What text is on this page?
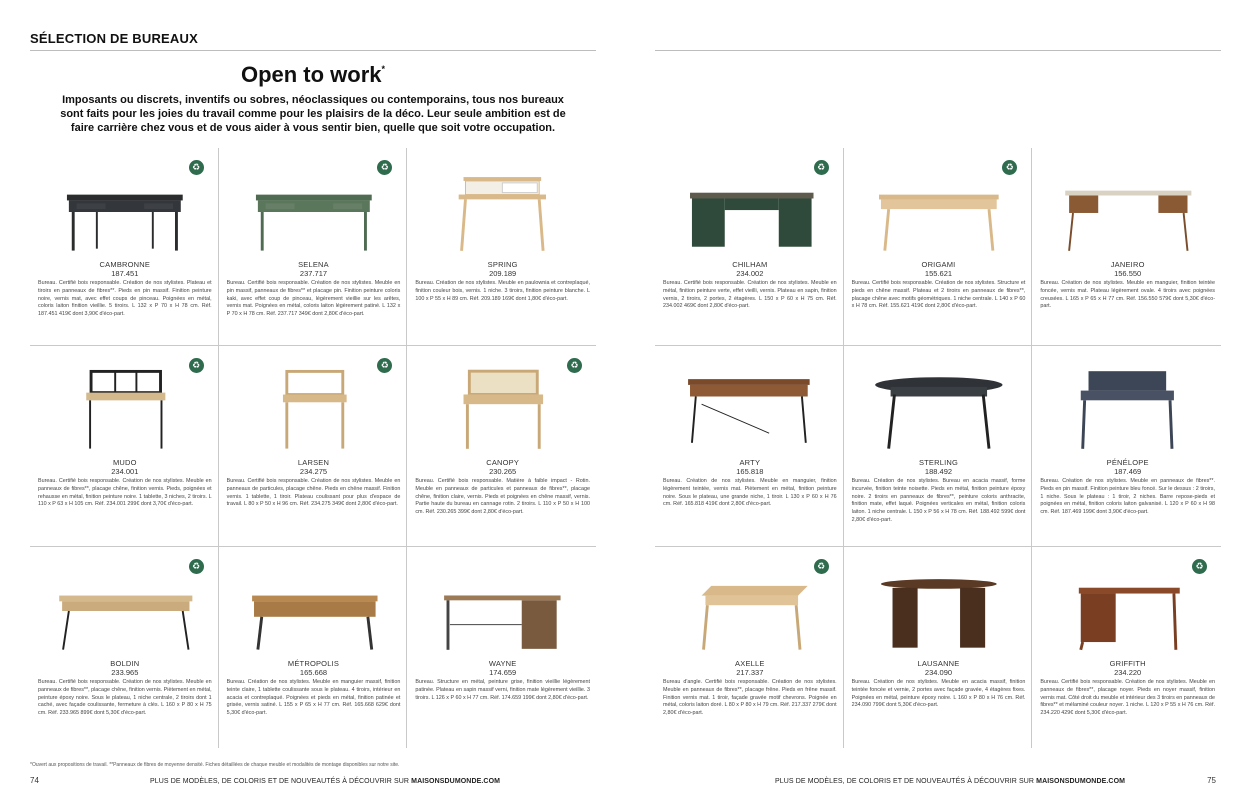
SÉLECTION DE BUREAUX
Open to work*
Imposants ou discrets, inventifs ou sobres, néoclassiques ou contemporains, tous nos bureaux sont faits pour les joies du travail comme pour les plaisirs de la déco. Leur seule ambition est de faire carrière chez vous et de vous aider à vous sentir bien, quelle que soit votre occupation.
♻
CAMBRONNE
187.451
Bureau. Certifié bois responsable. Création de nos stylistes. Plateau et tiroirs en panneaux de fibres**. Pieds en pin massif. Finition peinture noire, vernis mat, avec effet coups de pinceau. Poignées en métal, coloris laiton finition vieillie. 5 tiroirs. L 132 x P 70 x H 78 cm. Réf. 187.451 419€ dont 3,90€ d'éco-part.
♻
SELENA
237.717
Bureau. Certifié bois responsable. Création de nos stylistes. Meuble en pin massif, panneaux de fibres** et placage pin. Finition peinture coloris kaki, avec effet coup de pinceau, légèrement vieillie sur les arêtes, vernis mat. Poignées en métal, coloris laiton légèrement patiné. L 132 x P 70 x H 78 cm. Réf. 237.717 349€ dont 2,80€ d'éco-part.
SPRING
209.189
Bureau. Création de nos stylistes. Meuble en paulownia et contreplaqué, finition couleur bois, vernis. 1 niche. 3 tiroirs, finition peinture blanche. L 100 x P 55 x H 89 cm. Réf. 209.189 169€ dont 1,80€ d'éco-part.
♻
MUDO
234.001
Bureau. Certifié bois responsable. Création de nos stylistes. Meuble en panneaux de fibres**, placage chêne, finition vernis. Pieds, poignées et rehausse en métal, finition peinture noire. 1 tablette, 3 niches, 2 tiroirs. L 110 x P 63 x H 105 cm. Réf. 234.001 299€ dont 3,70€ d'éco-part.
♻
LARSEN
234.275
Bureau. Certifié bois responsable. Création de nos stylistes. Meuble en panneaux de particules, placage chêne. Pieds en chêne massif. Finition vernis. 1 tablette, 1 tiroir. Plateau coulissant pour plus d'espace de travail. L 80 x P 50 x H 96 cm. Réf. 234.275 349€ dont 2,80€ d'éco-part.
♻
CANOPY
230.265
Bureau. Certifié bois responsable. Matière à faible impact - Rotin. Meuble en panneaux de particules et panneaux de fibres**, placage chêne, finition claire, vernis. Pieds et poignées en chêne massif, vernis. Partie haute du bureau en cannage rotin. 2 tiroirs. L 110 x P 50 x H 100 cm. Réf. 230.265 399€ dont 2,80€ d'éco-part.
♻
BOLDIN
233.965
Bureau. Certifié bois responsable. Création de nos stylistes. Meuble en panneaux de fibres**, placage chêne, finition vernis. Piètement en métal, peinture époxy noire. Sous le plateau, 1 niche centrale, 2 tiroirs dont 1 caché, avec façade coulissante, fermeture à clés. L 160 x P 80 x H 75 cm. Réf. 233.965 899€ dont 5,30€ d'éco-part.
MÉTROPOLIS
165.668
Bureau. Création de nos stylistes. Meuble en manguier massif, finition teinte claire, 1 tablette coulissante sous le plateau. 4 tiroirs, intérieur en acacia et contreplaqué. Poignées et pieds en métal, finition patinée et grisée, vernis satiné. L 155 x P 65 x H 77 cm. Réf. 165.668 629€ dont 5,30€ d'éco-part.
WAYNE
174.659
Bureau. Structure en métal, peinture grise, finition vieillie légèrement patinée. Plateau en sapin massif verni, finition mate légèrement vieillie. 3 tiroirs. L 126 x P 60 x H 77 cm. Réf. 174.659 199€ dont 2,80€ d'éco-part.
*Ouvert aux propositions de travail. **Panneaux de fibres de moyenne densité. Fiches détaillées de chaque meuble et modalités de montage disponibles sur notre site.
74	PLUS DE MODÈLES, DE COLORIS ET DE NOUVEAUTÉS À DÉCOUVRIR SUR MAISONSDUMONDE.COM
♻
CHILHAM
234.002
Bureau. Certifié bois responsable. Création de nos stylistes. Meuble en métal, finition peinture verte, effet vieilli, vernis. Plateau en sapin, finition vernis, 2 tiroirs, 2 portes, 2 étagères. L 150 x P 60 x H 75 cm. Réf. 234.002 469€ dont 2,80€ d'éco-part.
♻
ORIGAMI
155.621
Bureau. Certifié bois responsable. Création de nos stylistes. Structure et pieds en chêne massif. Plateau et 2 tiroirs en panneaux de fibres**, placage chêne avec motifs géométriques. 1 niche centrale. L 140 x P 60 x H 78 cm. Réf. 155.621 419€ dont 2,80€ d'éco-part.
JANEIRO
156.550
Bureau. Création de nos stylistes. Meuble en manguier, finition teintée foncée, vernis mat. Plateau légèrement ovale. 4 tiroirs avec poignées creusées. L 165 x P 65 x H 77 cm. Réf. 156.550 579€ dont 5,30€ d'éco-part.
ARTY
165.818
Bureau. Création de nos stylistes. Meuble en manguier, finition légèrement teintée, vernis mat. Piètement en métal, finition peinture noire. Sous le plateau, une grande niche, 1 tiroir. L 130 x P 60 x H 76 cm. Réf. 165.818 419€ dont 2,80€ d'éco-part.
STERLING
188.492
Bureau. Création de nos stylistes. Bureau en acacia massif, forme incurvée, finition teinte noisette. Pieds en métal, finition peinture époxy noire. 2 tiroirs en panneaux de fibres**, peinture coloris anthracite, finition mate, effet laqué. Poignées verticales en métal, finition coloris laiton. 1 niche centrale. L 150 x P 56 x H 78 cm. Réf. 188.492 599€ dont 2,80€ d'éco-part.
PÉNÉLOPE
187.469
Bureau. Création de nos stylistes. Meuble en panneaux de fibres**. Pieds en pin massif. Finition peinture bleu foncé. Sur le dessus : 2 tiroirs, 1 niche. Sous le plateau : 1 tiroir, 2 niches. Barre repose-pieds et poignées en métal, finition coloris laiton galvanisé. L 120 x P 60 x H 98 cm. Réf. 187.469 199€ dont 3,90€ d'éco-part.
♻
AXELLE
217.337
Bureau d'angle. Certifié bois responsable. Création de nos stylistes. Meuble en panneaux de fibres**, placage frêne. Pieds en frêne massif. Finition vernis mat. 1 tiroir, façade gravée motif chevrons. Poignée en métal, coloris laiton doré. L 80 x P 80 x H 79 cm. Réf. 217.337 279€ dont 2,80€ d'éco-part.
LAUSANNE
234.090
Bureau. Création de nos stylistes. Meuble en acacia massif, finition teintée foncée et vernie, 2 portes avec façade gravée, 4 étagères fixes. Poignées en métal, peinture époxy noire. L 160 x P 80 x H 76 cm. Réf. 234.090 799€ dont 5,30€ d'éco-part.
♻
GRIFFITH
234.220
Bureau. Certifié bois responsable. Création de nos stylistes. Meuble en panneaux de fibres**, placage noyer. Pieds en noyer massif, finition vernis mat. Côté droit du meuble et intérieur des 3 tiroirs en panneaux de fibres** et mélaminé couleur noyer. 1 niche. L 120 x P 55 x H 76 cm. Réf. 234.220 429€ dont 5,30€ d'éco-part.
75
PLUS DE MODÈLES, DE COLORIS ET DE NOUVEAUTÉS À DÉCOUVRIR SUR MAISONSDUMONDE.COM
